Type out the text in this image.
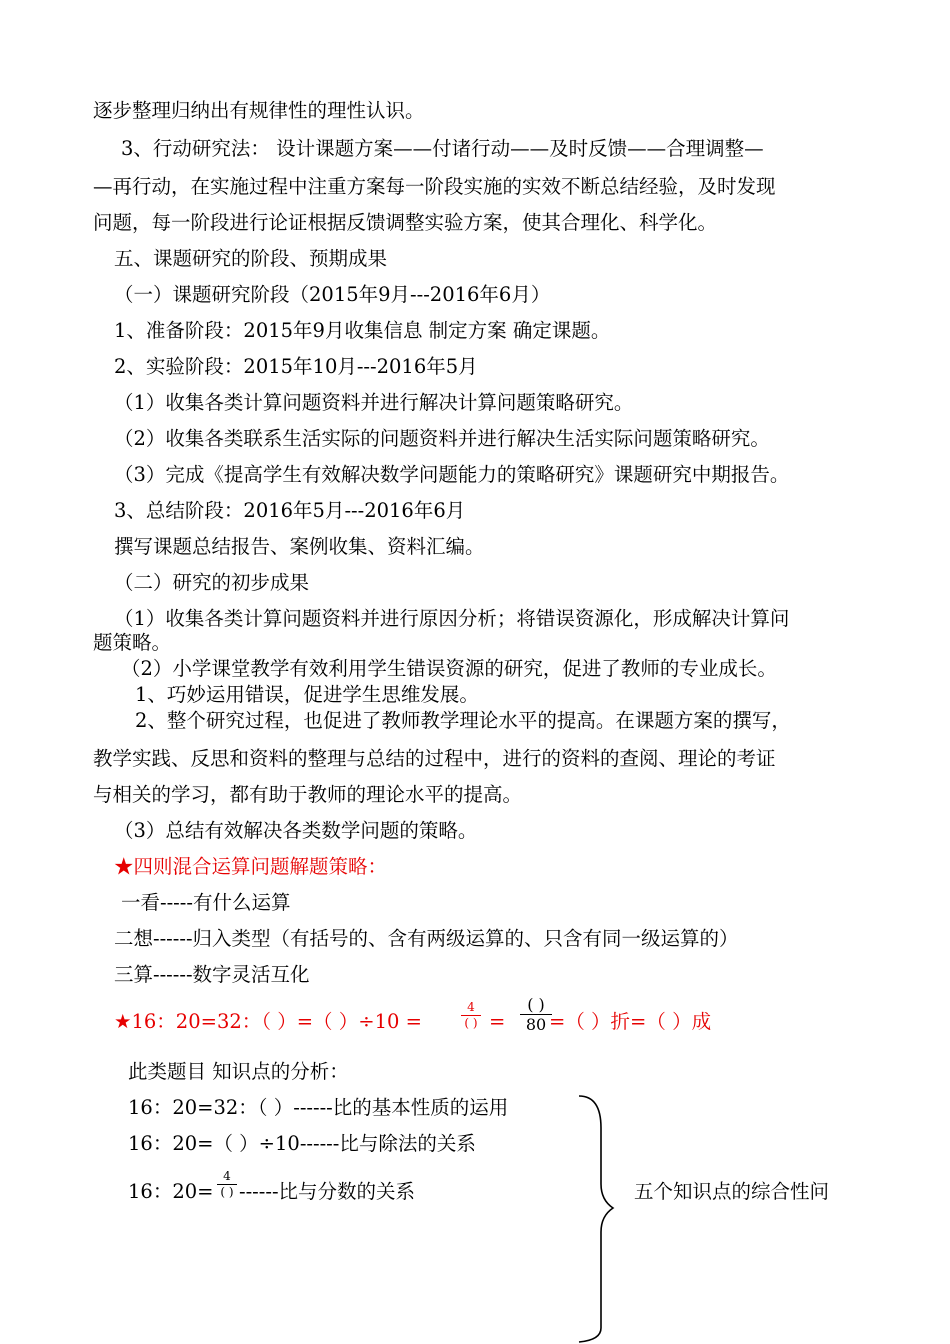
逐步整理归纳出有规律性的理性认识。
3、行动研究法： 设计课题方案——付诸行动——及时反馈——合理调整—
—再行动，在实施过程中注重方案每一阶段实施的实效不断总结经验，及时发现
问题，每一阶段进行论证根据反馈调整实验方案，使其合理化、科学化。
五、课题研究的阶段、预期成果
（一）课题研究阶段（2015年9月---2016年6月）
1、准备阶段：2015年9月收集信息 制定方案 确定课题。
2、实验阶段：2015年10月---2016年5月
（1）收集各类计算问题资料并进行解决计算问题策略研究。
（2）收集各类联系生活实际的问题资料并进行解决生活实际问题策略研究。
（3）完成《提高学生有效解决数学问题能力的策略研究》课题研究中期报告。
3、总结阶段：2016年5月---2016年6月
撰写课题总结报告、案例收集、资料汇编。
（二）研究的初步成果
（1）收集各类计算问题资料并进行原因分析；将错误资源化，形成解决计算问
题策略。
（2）小学课堂教学有效利用学生错误资源的研究，促进了教师的专业成长。
1、巧妙运用错误，促进学生思维发展。
2、整个研究过程，也促进了教师教学理论水平的提高。在课题方案的撰写，
教学实践、反思和资料的整理与总结的过程中，进行的资料的查阅、理论的考证
与相关的学习，都有助于教师的理论水平的提高。
（3）总结有效解决各类数学问题的策略。
★四则混合运算问题解题策略：
一看-----有什么运算
二想------归入类型（有括号的、含有两级运算的、只含有同一级运算的）
三算------数字灵活互化
★16：20=32：（ ）=（ ）÷10 =
4
( ) =
( )
80 =（ ）折=（ ）成
此类题目 知识点的分析：
16：20=32：（ ）------比的基本性质的运用
16：20=（ ）÷10------比与除法的关系
16：20=
4
( ) ------比与分数的关系	五个知识点的综合性问
